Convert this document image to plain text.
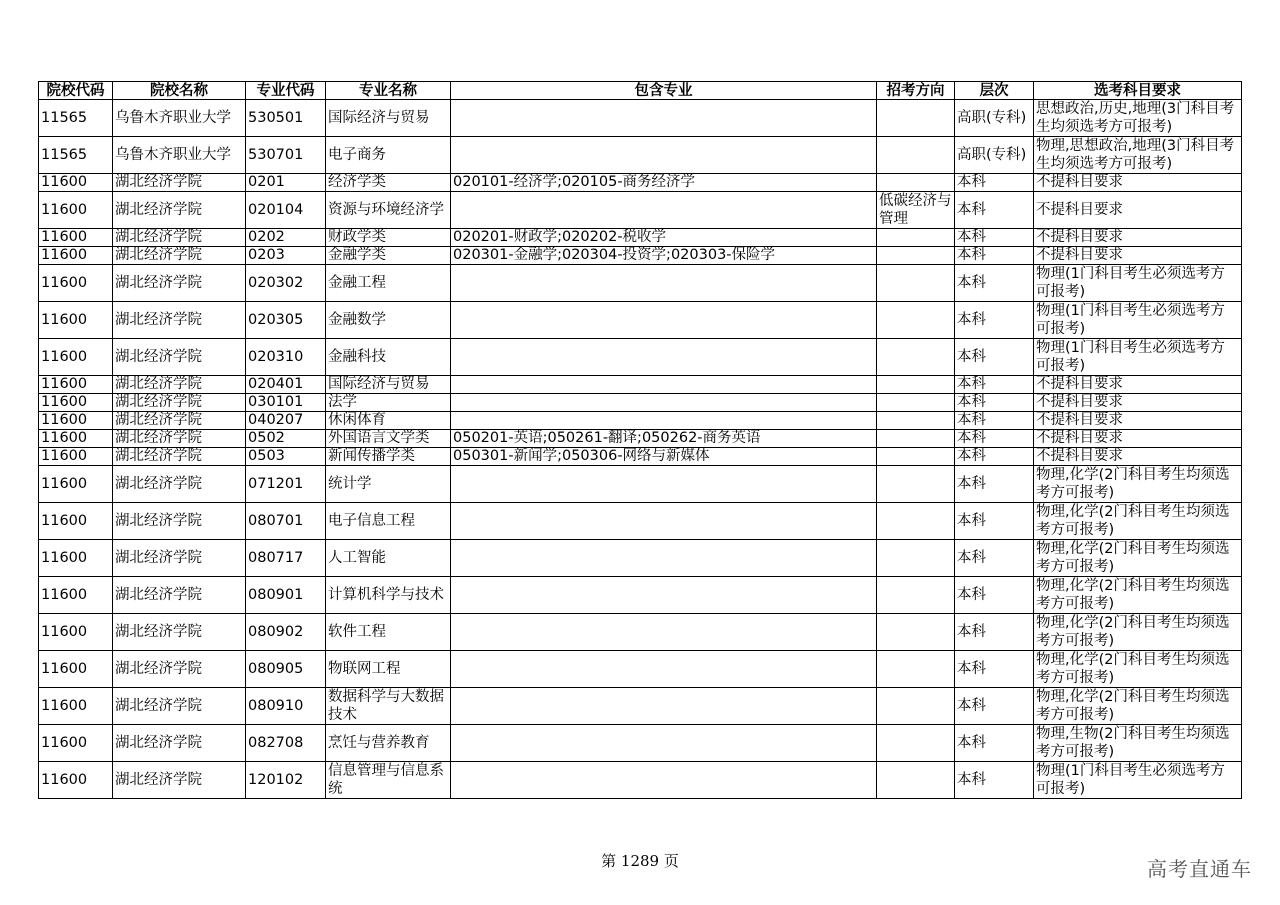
院校代码	院校名称	专业代码	专业名称	包含专业	招考方向	层次	选考科目要求
11565	乌鲁木齐职业大学	530501	国际经济与贸易			高职(专科)	思想政治,历史,地理(3门科目考生均须选考方可报考)
11565	乌鲁木齐职业大学	530701	电子商务			高职(专科)	物理,思想政治,地理(3门科目考生均须选考方可报考)
11600	湖北经济学院	0201	经济学类	020101-经济学;020105-商务经济学		本科	不提科目要求
11600	湖北经济学院	020104	资源与环境经济学		低碳经济与管理	本科	不提科目要求
11600	湖北经济学院	0202	财政学类	020201-财政学;020202-税收学		本科	不提科目要求
11600	湖北经济学院	0203	金融学类	020301-金融学;020304-投资学;020303-保险学		本科	不提科目要求
11600	湖北经济学院	020302	金融工程			本科	物理(1门科目考生必须选考方可报考)
11600	湖北经济学院	020305	金融数学			本科	物理(1门科目考生必须选考方可报考)
11600	湖北经济学院	020310	金融科技			本科	物理(1门科目考生必须选考方可报考)
11600	湖北经济学院	020401	国际经济与贸易			本科	不提科目要求
11600	湖北经济学院	030101	法学			本科	不提科目要求
11600	湖北经济学院	040207	休闲体育			本科	不提科目要求
11600	湖北经济学院	0502	外国语言文学类	050201-英语;050261-翻译;050262-商务英语		本科	不提科目要求
11600	湖北经济学院	0503	新闻传播学类	050301-新闻学;050306-网络与新媒体		本科	不提科目要求
11600	湖北经济学院	071201	统计学			本科	物理,化学(2门科目考生均须选考方可报考)
11600	湖北经济学院	080701	电子信息工程			本科	物理,化学(2门科目考生均须选考方可报考)
11600	湖北经济学院	080717	人工智能			本科	物理,化学(2门科目考生均须选考方可报考)
11600	湖北经济学院	080901	计算机科学与技术			本科	物理,化学(2门科目考生均须选考方可报考)
11600	湖北经济学院	080902	软件工程			本科	物理,化学(2门科目考生均须选考方可报考)
11600	湖北经济学院	080905	物联网工程			本科	物理,化学(2门科目考生均须选考方可报考)
11600	湖北经济学院	080910	数据科学与大数据技术			本科	物理,化学(2门科目考生均须选考方可报考)
11600	湖北经济学院	082708	烹饪与营养教育			本科	物理,生物(2门科目考生均须选考方可报考)
11600	湖北经济学院	120102	信息管理与信息系统			本科	物理(1门科目考生必须选考方可报考)
第 1289 页	高考直通车
